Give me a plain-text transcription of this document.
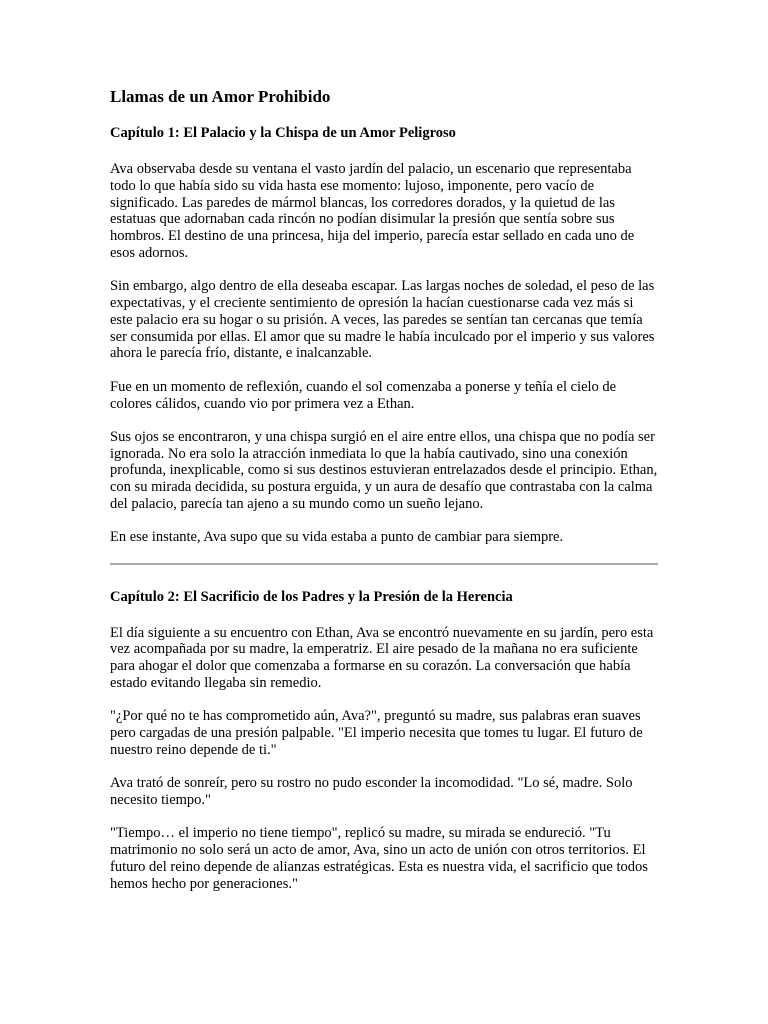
Llamas de un Amor Prohibido
Capítulo 1: El Palacio y la Chispa de un Amor Peligroso

Ava observaba desde su ventana el vasto jardín del palacio, un escenario que representaba todo lo que había sido su vida hasta ese momento: lujoso, imponente, pero vacío de significado. Las paredes de mármol blancas, los corredores dorados, y la quietud de las estatuas que adornaban cada rincón no podían disimular la presión que sentía sobre sus hombros. El destino de una princesa, hija del imperio, parecía estar sellado en cada uno de esos adornos.

Sin embargo, algo dentro de ella deseaba escapar. Las largas noches de soledad, el peso de las expectativas, y el creciente sentimiento de opresión la hacían cuestionarse cada vez más si este palacio era su hogar o su prisión. A veces, las paredes se sentían tan cercanas que temía ser consumida por ellas. El amor que su madre le había inculcado por el imperio y sus valores ahora le parecía frío, distante, e inalcanzable.

Fue en un momento de reflexión, cuando el sol comenzaba a ponerse y teñía el cielo de colores cálidos, cuando vio por primera vez a Ethan.

Sus ojos se encontraron, y una chispa surgió en el aire entre ellos, una chispa que no podía ser ignorada. No era solo la atracción inmediata lo que la había cautivado, sino una conexión profunda, inexplicable, como si sus destinos estuvieran entrelazados desde el principio. Ethan, con su mirada decidida, su postura erguida, y un aura de desafío que contrastaba con la calma del palacio, parecía tan ajeno a su mundo como un sueño lejano.

En ese instante, Ava supo que su vida estaba a punto de cambiar para siempre.

Capítulo 2: El Sacrificio de los Padres y la Presión de la Herencia

El día siguiente a su encuentro con Ethan, Ava se encontró nuevamente en su jardín, pero esta vez acompañada por su madre, la emperatriz. El aire pesado de la mañana no era suficiente para ahogar el dolor que comenzaba a formarse en su corazón. La conversación que había estado evitando llegaba sin remedio.

"¿Por qué no te has comprometido aún, Ava?", preguntó su madre, sus palabras eran suaves pero cargadas de una presión palpable. "El imperio necesita que tomes tu lugar. El futuro de nuestro reino depende de ti."

Ava trató de sonreír, pero su rostro no pudo esconder la incomodidad. "Lo sé, madre. Solo necesito tiempo."

"Tiempo… el imperio no tiene tiempo", replicó su madre, su mirada se endureció. "Tu matrimonio no solo será un acto de amor, Ava, sino un acto de unión con otros territorios. El futuro del reino depende de alianzas estratégicas. Esta es nuestra vida, el sacrificio que todos hemos hecho por generaciones."
